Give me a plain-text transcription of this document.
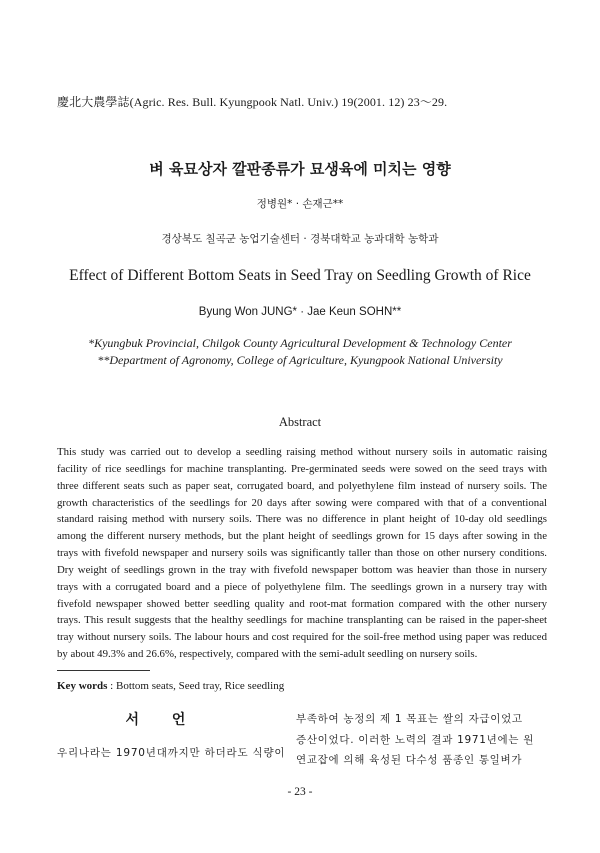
慶北大農學誌(Agric. Res. Bull. Kyungpook Natl. Univ.) 19(2001. 12) 23～29.
벼 육묘상자 깔판종류가 묘생육에 미치는 영향
정병원* · 손재근**
경상북도 칠곡군 농업기술센터 · 경북대학교 농과대학 농학과
Effect of Different Bottom Seats in Seed Tray on Seedling Growth of Rice
Byung Won JUNG* · Jae Keun SOHN**
*Kyungbuk Provincial, Chilgok County Agricultural Development & Technology Center
**Department of Agronomy, College of Agriculture, Kyungpook National University
Abstract
This study was carried out to develop a seedling raising method without nursery soils in automatic raising facility of rice seedlings for machine transplanting. Pre-germinated seeds were sowed on the seed trays with three different seats such as paper seat, corrugated board, and polyethylene film instead of nursery soils. The growth characteristics of the seedlings for 20 days after sowing were compared with that of a conventional standard raising method with nursery soils. There was no difference in plant height of 10-day old seedlings among the different nursery methods, but the plant height of seedlings grown for 15 days after sowing in the trays with fivefold newspaper and nursery soils was significantly taller than those on other nursery conditions. Dry weight of seedlings grown in the tray with fivefold newspaper bottom was heavier than those in nursery trays with a corrugated board and a piece of polyethylene film. The seedlings grown in a nursery tray with fivefold newspaper showed better seedling quality and root-mat formation compared with the other nursery trays. This result suggests that the healthy seedlings for machine transplanting can be raised in the paper-sheet tray without nursery soils. The labour hours and cost required for the soil-free method using paper was reduced by about 49.3% and 26.6%, respectively, compared with the semi-adult seedling on nursery soils.
Key words : Bottom seats, Seed tray, Rice seedling
서 언
우리나라는 1970년대까지만 하더라도 식량이
부족하여 농정의 제 1 목표는 쌀의 자급이었고
증산이었다. 이러한 노력의 결과 1971년에는 원
연교잡에 의해 육성된 다수성 품종인 통일벼가
- 23 -
